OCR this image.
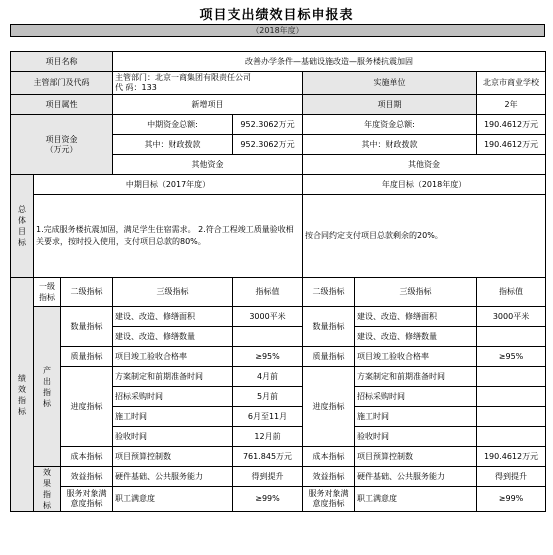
项目支出绩效目标申报表
（2018年度）
项目名称			改善办学条件—基础设施改造—服务楼抗震加固				
主管部门及代码			主管部门：北京一商集团有限责任公司
代 码：133		实施单位		北京市商业学校
项目属性			新增项目		项目期		2年

项目资金
（万元）			中期资金总额:	952.3062万元	年度资金总额:		190.4612万元
			其中：财政拨款	952.3062万元	其中：财政拨款		190.4612万元
			其他资金		其他资金		
总体目标	中期目标（2017年度）				年度目标（2018年度）		
	1.完成服务楼抗震加固，满足学生住宿需求。 2.符合工程竣工质量验收相关要求，按时投入使用，支付项目总款的80%。				按合同约定支付项目总款剩余的20%。		
绩效指标	一级指标	二级指标	三级指标	指标值	二级指标	三级指标	指标值
	产出指标	数量指标	建设、改造、修缮面积	3000平米	数量指标	建设、改造、修缮面积	3000平米
			建设、改造、修缮数量			建设、改造、修缮数量	
		质量指标	项目竣工验收合格率	≥95%	质量指标	项目竣工验收合格率	≥95%
		进度指标	方案制定和前期准备时间	4月前	进度指标	方案制定和前期准备时间	
			招标采购时间	5月前		招标采购时间	
			施工时间	6月至11月		施工时间	
			验收时间	12月前		验收时间	
		成本指标	项目预算控制数	761.845万元	成本指标	项目预算控制数	190.4612万元
	效果指标	效益指标	硬件基础、公共服务能力	得到提升	效益指标	硬件基础、公共服务能力	得到提升
		服务对象满意度指标	职工满意度	≥99%	服务对象满意度指标	职工满意度	≥99%
